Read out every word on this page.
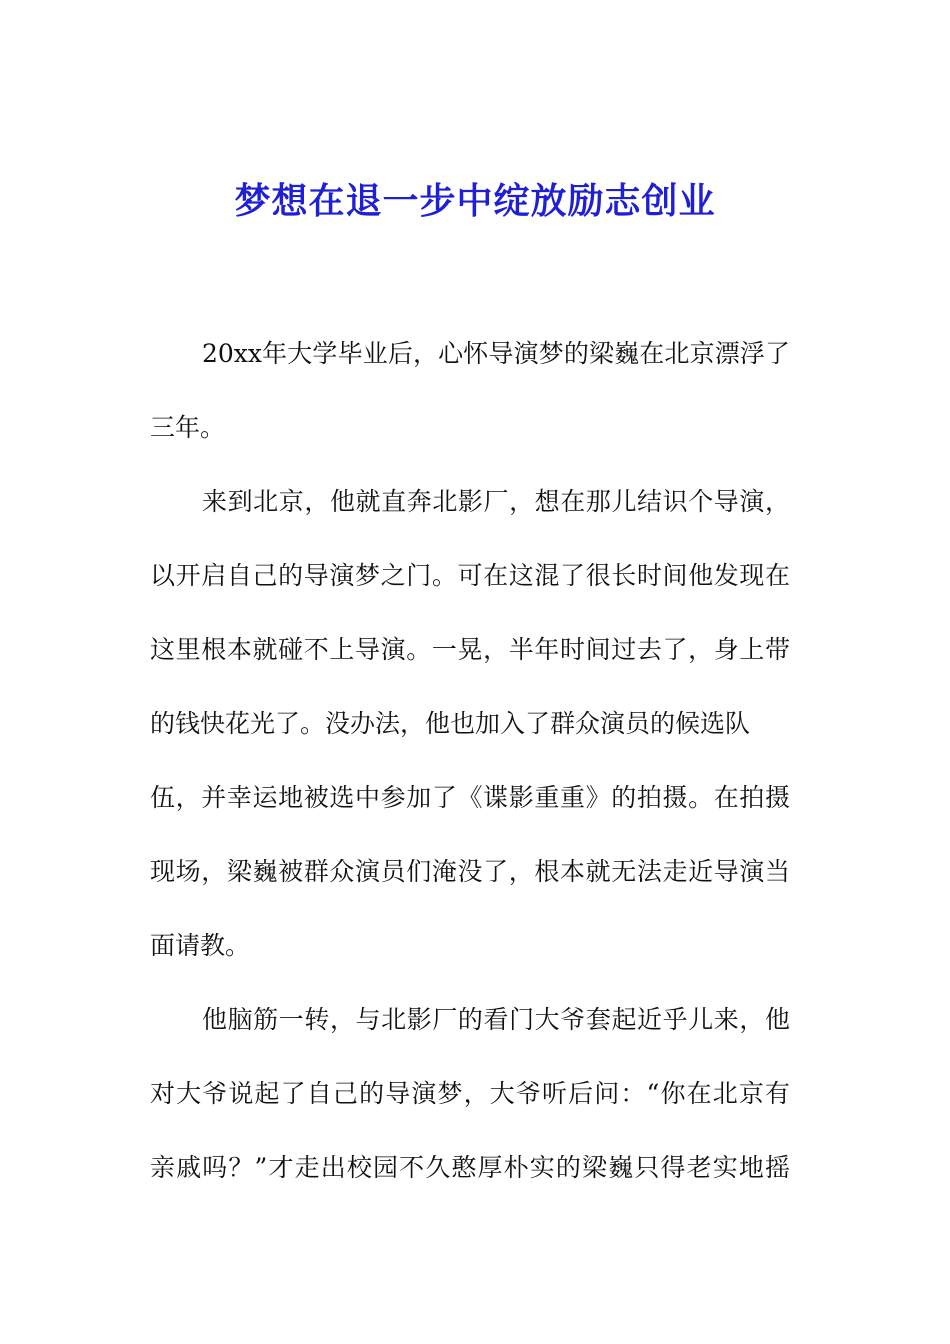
梦想在退一步中绽放励志创业

20xx年大学毕业后，心怀导演梦的梁巍在北京漂浮了

三年。

来到北京，他就直奔北影厂，想在那儿结识个导演，

以开启自己的导演梦之门。可在这混了很长时间他发现在

这里根本就碰不上导演。一晃，半年时间过去了，身上带

的钱快花光了。没办法，他也加入了群众演员的候选队

伍，并幸运地被选中参加了《谍影重重》的拍摄。在拍摄

现场，梁巍被群众演员们淹没了，根本就无法走近导演当

面请教。

他脑筋一转，与北影厂的看门大爷套起近乎儿来，他

对大爷说起了自己的导演梦，大爷听后问：“你在北京有

亲戚吗？”才走出校园不久憨厚朴实的梁巍只得老实地摇
